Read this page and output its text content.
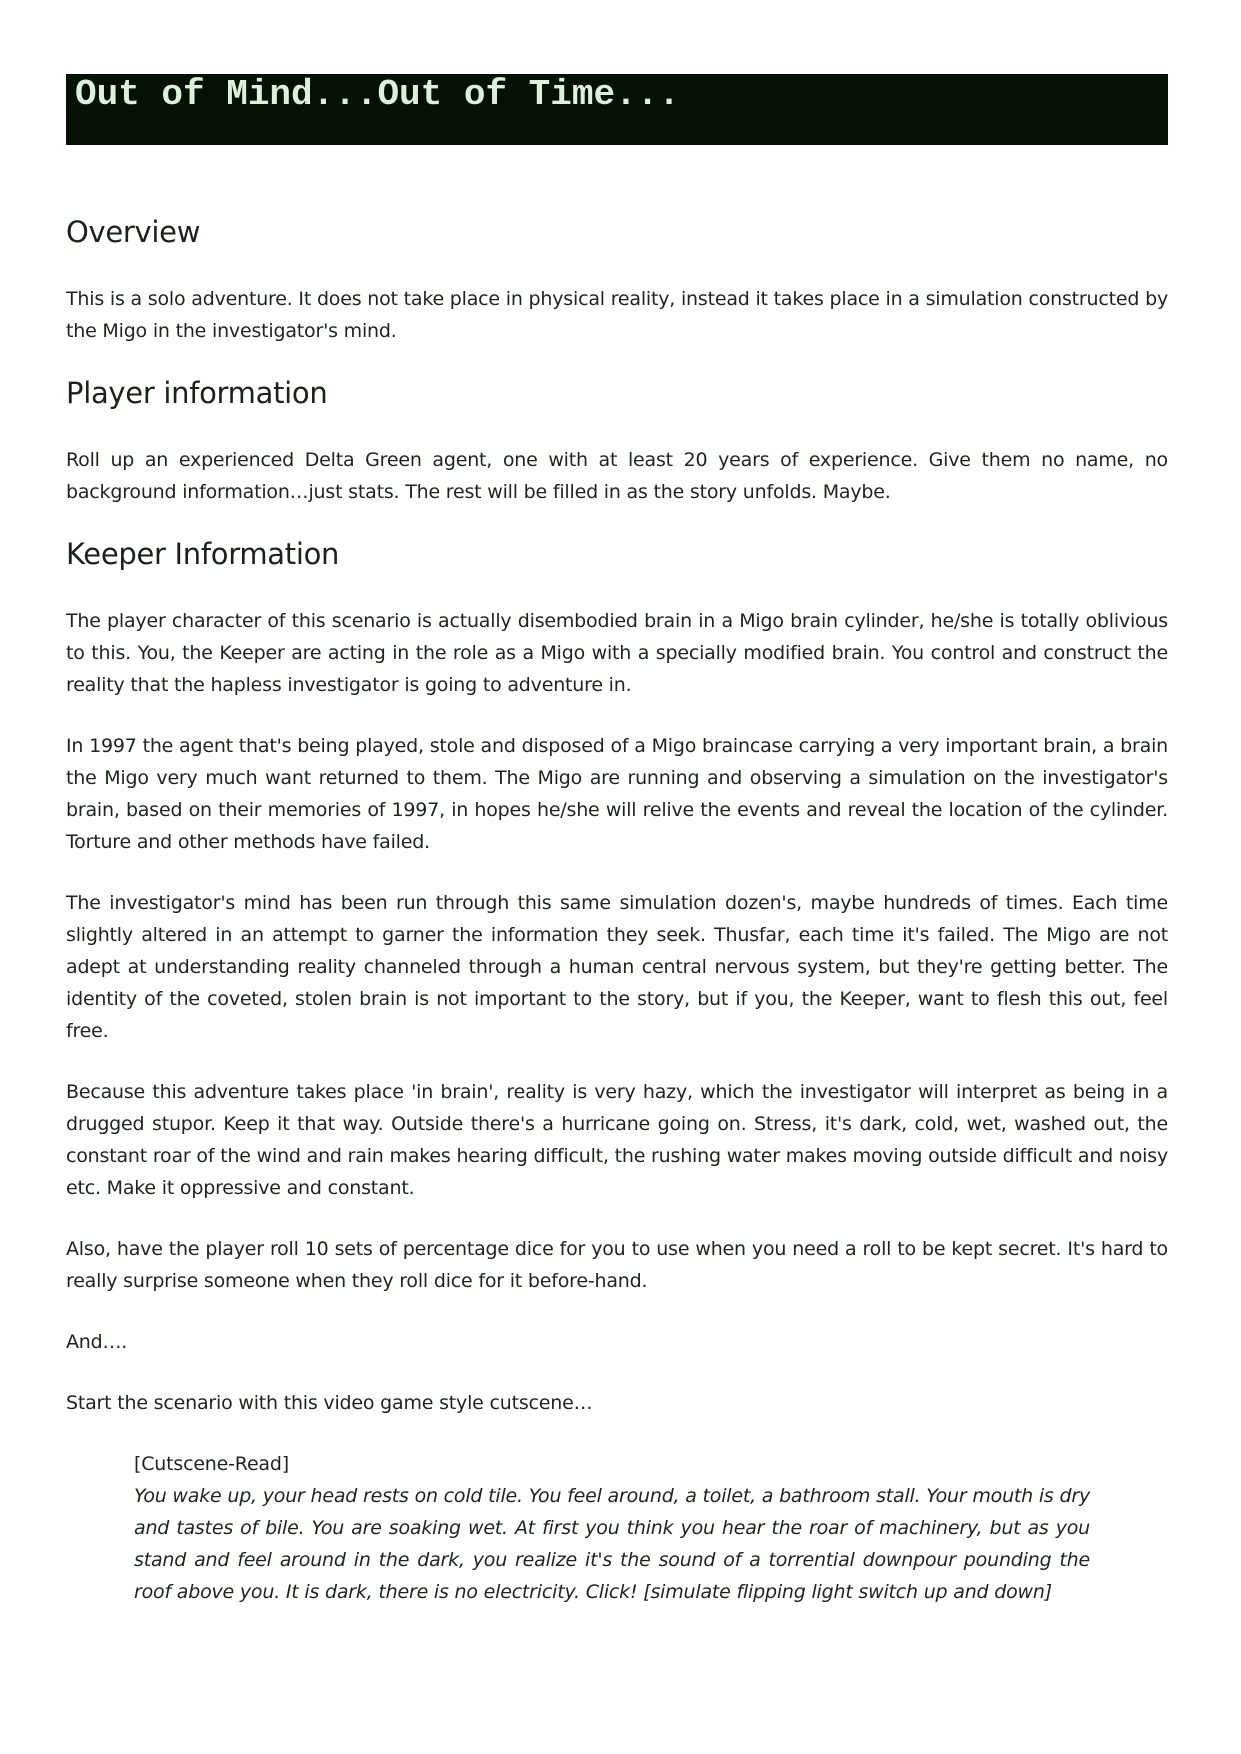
Out of Mind...Out of Time...
Overview

This is a solo adventure. It does not take place in physical reality, instead it takes place in a simulation constructed by the Migo in the investigator's mind.

Player information

Roll up an experienced Delta Green agent, one with at least 20 years of experience. Give them no name, no background information…just stats. The rest will be filled in as the story unfolds. Maybe.

Keeper Information

The player character of this scenario is actually disembodied brain in a Migo brain cylinder, he/she is totally oblivious to this. You, the Keeper are acting in the role as a Migo with a specially modified brain. You control and construct the reality that the hapless investigator is going to adventure in.

In 1997 the agent that's being played, stole and disposed of a Migo braincase carrying a very important brain, a brain the Migo very much want returned to them. The Migo are running and observing a simulation on the investigator's brain, based on their memories of 1997, in hopes he/she will relive the events and reveal the location of the cylinder. Torture and other methods have failed.

The investigator's mind has been run through this same simulation dozen's, maybe hundreds of times. Each time slightly altered in an attempt to garner the information they seek. Thusfar, each time it's failed. The Migo are not adept at understanding reality channeled through a human central nervous system, but they're getting better. The identity of the coveted, stolen brain is not important to the story, but if you, the Keeper, want to flesh this out, feel free.

Because this adventure takes place 'in brain', reality is very hazy, which the investigator will interpret as being in a drugged stupor. Keep it that way. Outside there's a hurricane going on. Stress, it's dark, cold, wet, washed out, the constant roar of the wind and rain makes hearing difficult, the rushing water makes moving outside difficult and noisy etc. Make it oppressive and constant.

Also, have the player roll 10 sets of percentage dice for you to use when you need a roll to be kept secret. It's hard to really surprise someone when they roll dice for it before-hand.

And….

Start the scenario with this video game style cutscene…

[Cutscene-Read]

You wake up, your head rests on cold tile. You feel around, a toilet, a bathroom stall. Your mouth is dry and tastes of bile. You are soaking wet. At first you think you hear the roar of machinery, but as you stand and feel around in the dark, you realize it's the sound of a torrential downpour pounding the roof above you. It is dark, there is no electricity. Click! [simulate flipping light switch up and down]
